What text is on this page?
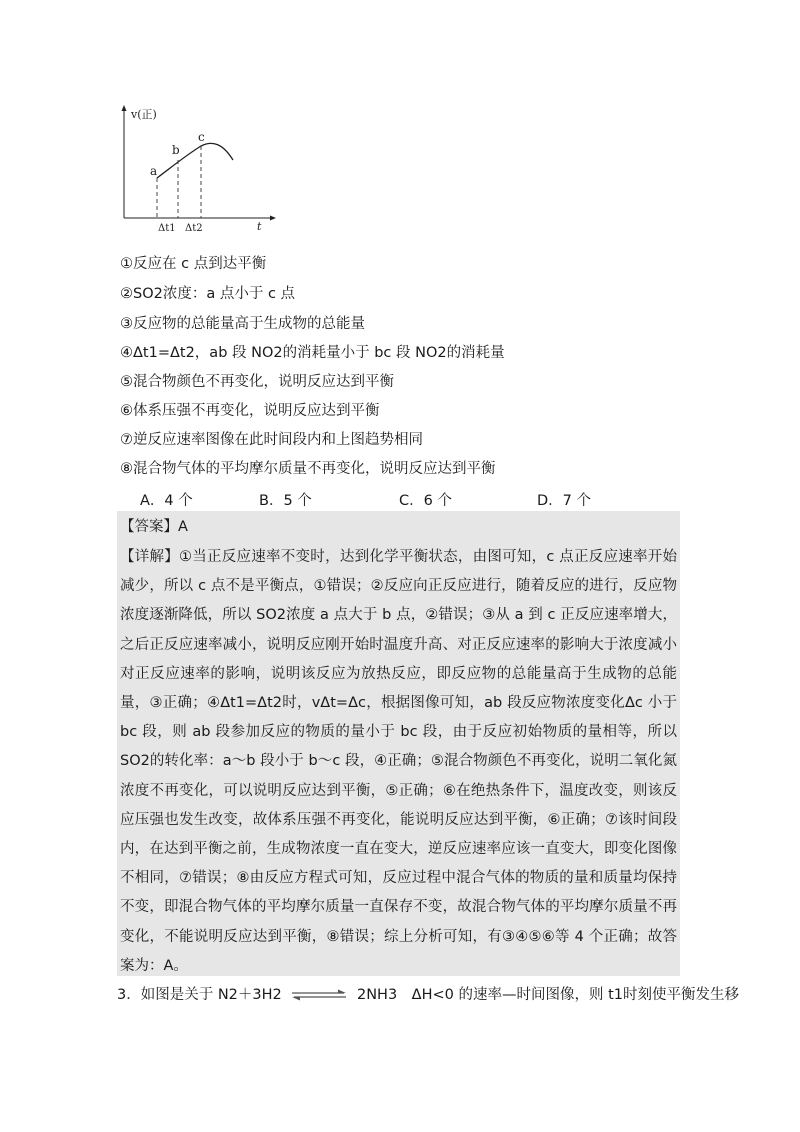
v(正)
t
a
b
c
Δt1 Δt2
①反应在 c 点到达平衡
②SO2浓度：a 点小于 c 点
③反应物的总能量高于生成物的总能量
④Δt1=Δt2，ab 段 NO2的消耗量小于 bc 段 NO2的消耗量
⑤混合物颜色不再变化，说明反应达到平衡
⑥体系压强不再变化，说明反应达到平衡
⑦逆反应速率图像在此时间段内和上图趋势相同
⑧混合物气体的平均摩尔质量不再变化，说明反应达到平衡
A．4 个	B．5 个	C．6 个	D．7 个
【答案】A
【详解】①当正反应速率不变时，达到化学平衡状态，由图可知，c 点正反应速率开始减少，所以 c 点不是平衡点，①错误；②反应向正反应进行，随着反应的进行，反应物浓度逐渐降低，所以 SO2浓度 a 点大于 b 点，②错误；③从 a 到 c 正反应速率增大，之后正反应速率减小，说明反应刚开始时温度升高、对正反应速率的影响大于浓度减小对正反应速率的影响，说明该反应为放热反应，即反应物的总能量高于生成物的总能量，③正确；④Δt1=Δt2时，vΔt=Δc，根据图像可知，ab 段反应物浓度变化Δc 小于 bc 段，则 ab 段参加反应的物质的量小于 bc 段，由于反应初始物质的量相等，所以 SO2的转化率：a～b 段小于 b～c 段，④正确；⑤混合物颜色不再变化，说明二氧化氮浓度不再变化，可以说明反应达到平衡，⑤正确；⑥在绝热条件下，温度改变，则该反应压强也发生改变，故体系压强不再变化，能说明反应达到平衡，⑥正确；⑦该时间段内，在达到平衡之前，生成物浓度一直在变大，逆反应速率应该一直变大，即变化图像不相同，⑦错误；⑧由反应方程式可知，反应过程中混合气体的物质的量和质量均保持不变，即混合物气体的平均摩尔质量一直保存不变，故混合物气体的平均摩尔质量不再变化，不能说明反应达到平衡，⑧错误；综上分析可知，有③④⑤⑥等 4 个正确；故答案为：A。
3．如图是关于 N2＋3H2 ⇌ 2NH3　ΔH<0 的速率—时间图像，则 t1时刻使平衡发生移
